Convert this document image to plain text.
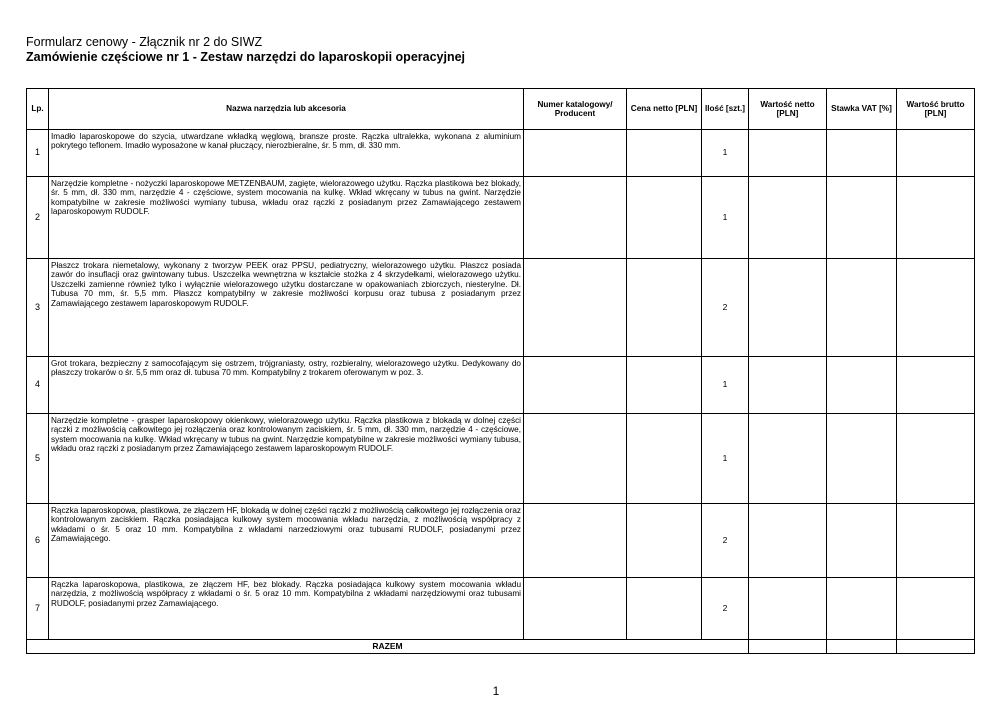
Formularz cenowy - Złącznik nr 2 do SIWZ
Zamówienie częściowe nr 1 - Zestaw narzędzi do laparoskopii operacyjnej
Lp.	Nazwa narzędzia lub akcesoria	Numer katalogowy/ Producent	Cena netto [PLN]	Ilość [szt.]	Wartość netto [PLN]	Stawka VAT [%]	Wartość brutto [PLN]
1	Imadło laparoskopowe do szycia, utwardzane wkładką węglową, bransze proste. Rączka ultralekka, wykonana z aluminium pokrytego teflonem. Imadło wyposażone w kanał płuczący, nierozbieralne, śr. 5 mm, dł. 330 mm.			1			
2	Narzędzie kompletne - nożyczki laparoskopowe METZENBAUM, zagięte, wielorazowego użytku. Rączka plastikowa bez blokady, śr. 5 mm, dł. 330 mm, narzędzie 4 - częściowe, system mocowania na kulkę. Wkład wkręcany w tubus na gwint. Narzędzie kompatybilne w zakresie możliwości wymiany tubusa, wkładu oraz rączki z posiadanym przez Zamawiającego zestawem laparoskopowym RUDOLF.			1			
3	Płaszcz trokara niemetalowy, wykonany z tworzyw PEEK oraz PPSU, pediatryczny, wielorazowego użytku. Płaszcz posiada zawór do insuflacji oraz gwintowany tubus. Uszczelka wewnętrzna w kształcie stożka z 4 skrzydełkami, wielorazowego użytku. Uszczelki zamienne również tylko i wyłącznie wielorazowego użytku dostarczane w opakowaniach zbiorczych, niesterylne. Dł. Tubusa 70 mm, śr. 5,5 mm. Płaszcz kompatybilny w zakresie możliwości korpusu oraz tubusa z posiadanym przez Zamawiającego zestawem laparoskopowym RUDOLF.			2			
4	Grot trokara, bezpieczny z samocofającym się ostrzem, trójgraniasty, ostry, rozbieralny, wielorazowego użytku. Dedykowany do płaszczy trokarów o śr. 5,5 mm oraz dł. tubusa 70 mm. Kompatybilny z trokarem oferowanym w poz. 3.			1			
5	Narzędzie kompletne - grasper laparoskopowy okienkowy, wielorazowego użytku. Rączka plastikowa z blokadą w dolnej części rączki z możliwością całkowitego jej rozłączenia oraz kontrolowanym zaciskiem, śr. 5 mm, dł. 330 mm, narzędzie 4 - częściowe, system mocowania na kulkę. Wkład wkręcany w tubus na gwint. Narzędzie kompatybilne w zakresie możliwości wymiany tubusa, wkładu oraz rączki z posiadanym przez Zamawiającego zestawem laparoskopowym RUDOLF.			1			
6	Rączka laparoskopowa, plastikowa, ze złączem HF, blokadą w dolnej części rączki z możliwością całkowitego jej rozłączenia oraz kontrolowanym zaciskiem. Rączka posiadająca kulkowy system mocowania wkładu narzędzia, z możliwością współpracy z wkładami o śr. 5 oraz 10 mm. Kompatybilna z wkładami narzedziowymi oraz tubusami RUDOLF, posiadanymi przez Zamawiającego.			2			
7	Rączka laparoskopowa, plastikowa, ze złączem HF, bez blokady. Rączka posiadająca kulkowy system mocowania wkładu narzędzia, z możliwością współpracy z wkładami o śr. 5 oraz 10 mm. Kompatybilna z wkładami narzędziowymi oraz tubusami RUDOLF, posiadanymi przez Zamawiającego.			2			
RAZEM							
1
